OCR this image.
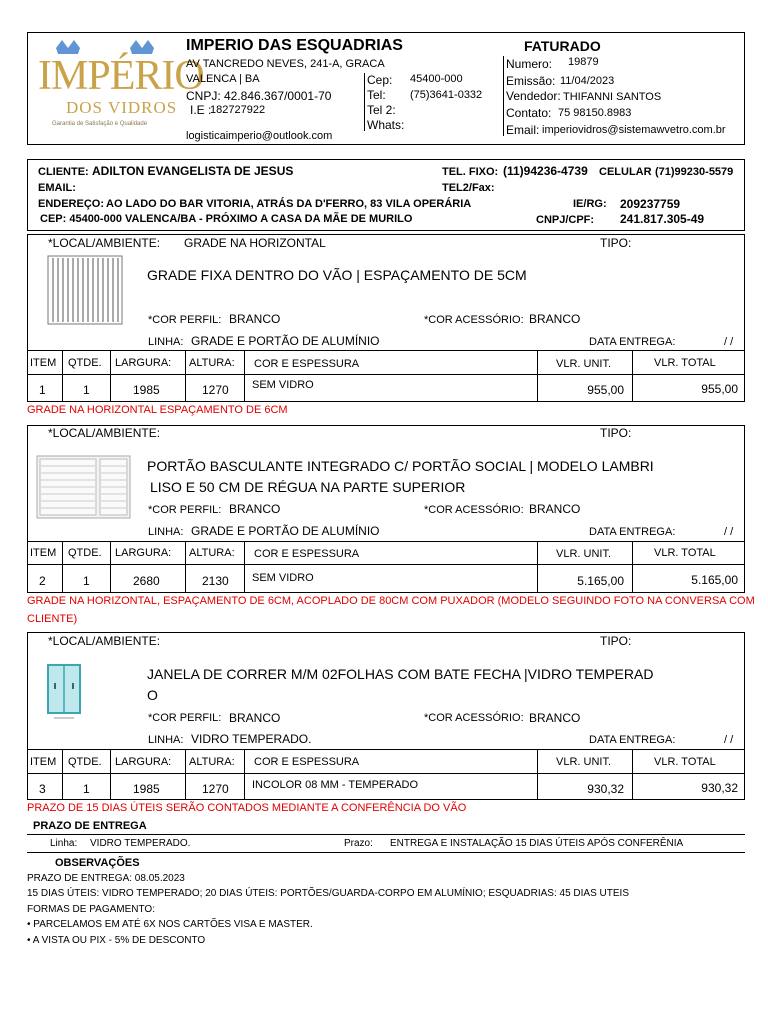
IMPÉRIO
DOS VIDROS
Garantia de Satisfação e Qualidade
IMPERIO DAS ESQUADRIAS
AV TANCREDO NEVES, 241-A, GRACA
VALENCA | BA
CNPJ: 42.846.367/0001-70
I.E :
182727922
logisticaimperio@outlook.com
Cep: 45400-000
Tel: (75)3641-0332
Tel 2:
Whats:
FATURADO
Numero: 19879
Emissão: 11/04/2023
Vendedor: THIFANNI SANTOS
Contato: 75 98150.8983
Email: imperiovidros@sistemawvetro.com.br
CLIENTE: ADILTON EVANGELISTA DE JESUS	TEL. FIXO: (11)94236-4739 CELULAR (71)99230-5579
EMAIL:	TEL2/Fax:
ENDEREÇO: AO LADO DO BAR VITORIA, ATRÁS DA D'FERRO, 83 VILA OPERÁRIA	IE/RG: 209237759
CEP: 45400-000 VALENCA/BA - PRÓXIMO A CASA DA MÃE DE MURILO	CNPJ/CPF: 241.817.305-49
*LOCAL/AMBIENTE: GRADE NA HORIZONTAL	TIPO:
GRADE FIXA DENTRO DO VÃO | ESPAÇAMENTO DE 5CM
*COR PERFIL: BRANCO	*COR ACESSÓRIO: BRANCO
LINHA: GRADE E PORTÃO DE ALUMÍNIO	DATA ENTREGA:	/ /
ITEM QTDE. LARGURA: ALTURA: COR E ESPESSURA	VLR. UNIT.	VLR. TOTAL
1	1	1985	1270 SEM VIDRO	955,00	955,00
GRADE NA HORIZONTAL ESPAÇAMENTO DE 6CM
*LOCAL/AMBIENTE:	TIPO:
PORTÃO BASCULANTE INTEGRADO C/ PORTÃO SOCIAL | MODELO LAMBRI
LISO E 50 CM DE RÉGUA NA PARTE SUPERIOR
*COR PERFIL: BRANCO	*COR ACESSÓRIO: BRANCO
LINHA: GRADE E PORTÃO DE ALUMÍNIO	DATA ENTREGA:	/ /
ITEM QTDE. LARGURA: ALTURA: COR E ESPESSURA	VLR. UNIT.	VLR. TOTAL
2	1	2680	2130 SEM VIDRO	5.165,00	5.165,00
GRADE NA HORIZONTAL, ESPAÇAMENTO DE 6CM, ACOPLADO DE 80CM COM PUXADOR (MODELO SEGUINDO FOTO NA CONVERSA COM
CLIENTE)
*LOCAL/AMBIENTE:	TIPO:
JANELA DE CORRER M/M 02FOLHAS COM BATE FECHA |VIDRO TEMPERAD
O
*COR PERFIL: BRANCO	*COR ACESSÓRIO: BRANCO
LINHA: VIDRO TEMPERADO.	DATA ENTREGA:	/ /
ITEM QTDE. LARGURA: ALTURA: COR E ESPESSURA	VLR. UNIT.	VLR. TOTAL
3	1	1985	1270 INCOLOR 08 MM - TEMPERADO	930,32	930,32
PRAZO DE 15 DIAS ÚTEIS SERÃO CONTADOS MEDIANTE A CONFERÊNCIA DO VÃO
PRAZO DE ENTREGA
Linha: VIDRO TEMPERADO.	Prazo: ENTREGA E INSTALAÇÃO 15 DIAS ÚTEIS APÓS CONFERÊNIA
OBSERVAÇÕES
PRAZO DE ENTREGA: 08.05.2023
15 DIAS ÚTEIS: VIDRO TEMPERADO; 20 DIAS ÚTEIS: PORTÕES/GUARDA-CORPO EM ALUMÍNIO; ESQUADRIAS: 45 DIAS UTEIS
FORMAS DE PAGAMENTO:
• PARCELAMOS EM ATÉ 6X NOS CARTÕES VISA E MASTER.
• A VISTA OU PIX - 5% DE DESCONTO
